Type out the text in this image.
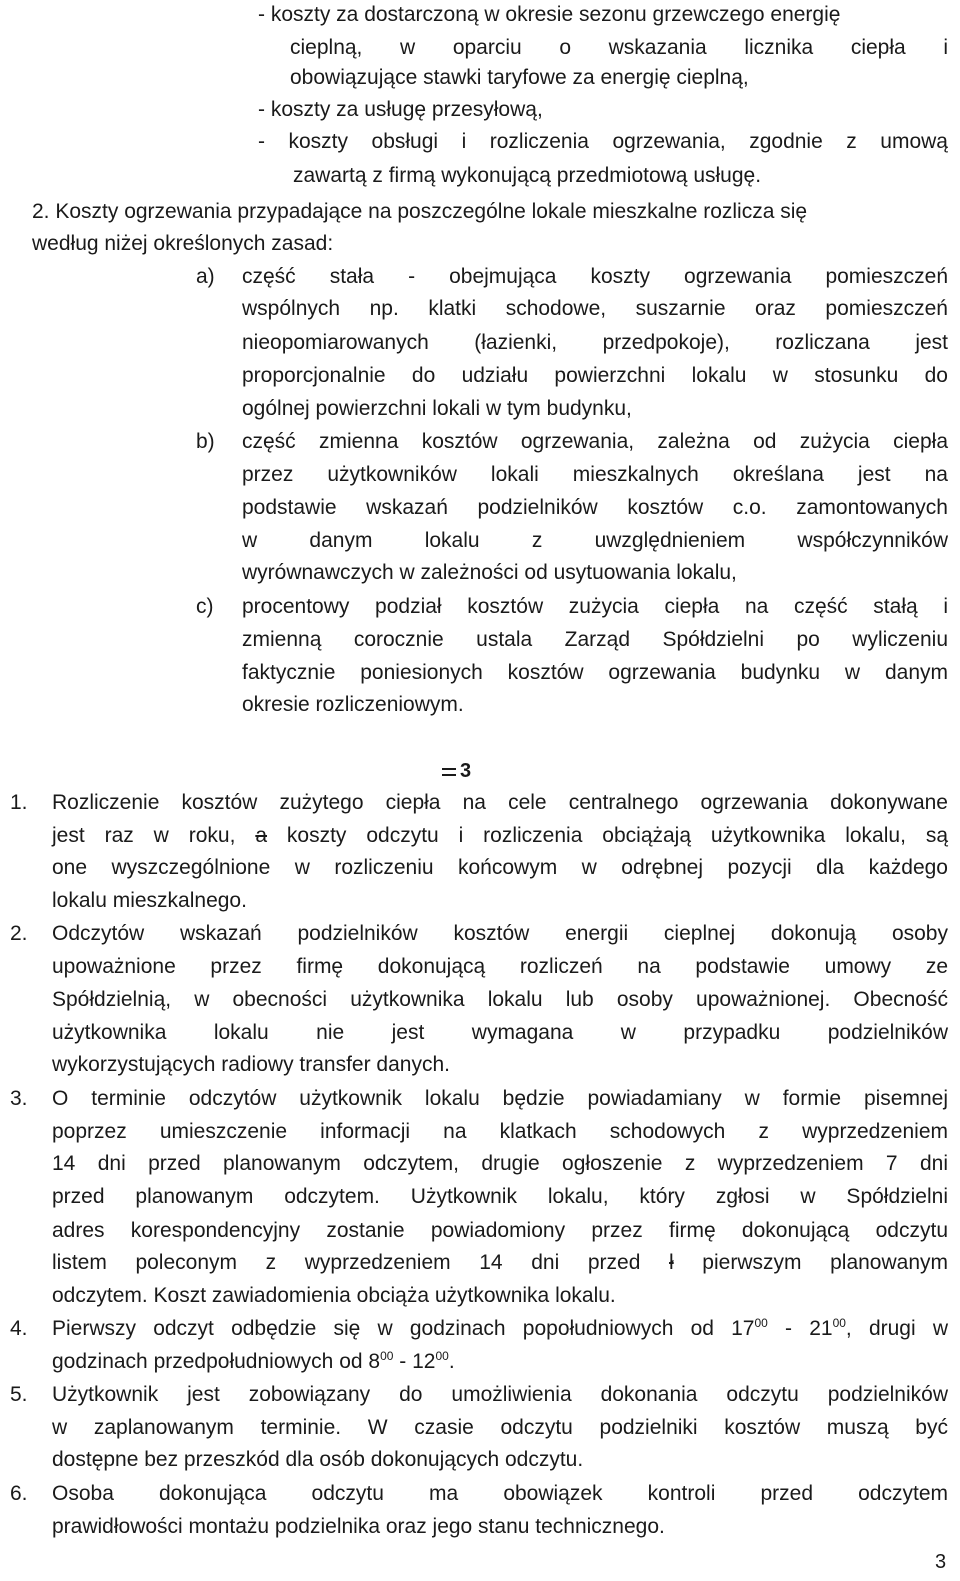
- koszty za dostarczoną w okresie sezonu grzewczego energię
cieplną, w oparciu o wskazania licznika ciepła i
obowiązujące stawki taryfowe za energię cieplną,
- koszty za usługę przesyłową,
- koszty obsługi i rozliczenia ogrzewania, zgodnie z umową
zawartą z firmą wykonującą przedmiotową usługę.
2. Koszty ogrzewania przypadające na poszczególne lokale mieszkalne rozlicza się
według niżej określonych zasad:
a) część stała - obejmująca koszty ogrzewania pomieszczeń
wspólnych np. klatki schodowe, suszarnie oraz pomieszczeń
nieopomiarowanych (łazienki, przedpokoje), rozliczana jest
proporcjonalnie do udziału powierzchni lokalu w stosunku do
ogólnej powierzchni lokali w tym budynku,
b) część zmienna kosztów ogrzewania, zależna od zużycia ciepła
przez użytkowników lokali mieszkalnych określana jest na
podstawie wskazań podzielników kosztów c.o. zamontowanych
w danym lokalu z uwzględnieniem współczynników
wyrównawczych w zależności od usytuowania lokalu,
c) procentowy podział kosztów zużycia ciepła na część stałą i
zmienną corocznie ustala Zarząd Spółdzielni po wyliczeniu
faktycznie poniesionych kosztów ogrzewania budynku w danym
okresie rozliczeniowym.
3
1. Rozliczenie kosztów zużytego ciepła na cele centralnego ogrzewania dokonywane
jest raz w roku, a koszty odczytu i rozliczenia obciążają użytkownika lokalu, są
one wyszczególnione w rozliczeniu końcowym w odrębnej pozycji dla każdego
lokalu mieszkalnego.
2. Odczytów wskazań podzielników kosztów energii cieplnej dokonują osoby
upoważnione przez firmę dokonującą rozliczeń na podstawie umowy ze
Spółdzielnią, w obecności użytkownika lokalu lub osoby upoważnionej. Obecność
użytkownika lokalu nie jest wymagana w przypadku podzielników
wykorzystujących radiowy transfer danych.
3. O terminie odczytów użytkownik lokalu będzie powiadamiany w formie pisemnej
poprzez umieszczenie informacji na klatkach schodowych z wyprzedzeniem
14 dni przed planowanym odczytem, drugie ogłoszenie z wyprzedzeniem 7 dni
przed planowanym odczytem. Użytkownik lokalu, który zgłosi w Spółdzielni
adres korespondencyjny zostanie powiadomiony przez firmę dokonującą odczytu
listem poleconym z wyprzedzeniem 14 dni przed ł pierwszym planowanym
odczytem. Koszt zawiadomienia obciąża użytkownika lokalu.
4. Pierwszy odczyt odbędzie się w godzinach popołudniowych od $17^{00} - 21^{00}$, drugi w
godzinach przedpołudniowych od $8^{00} - 12^{00}$.
5. Użytkownik jest zobowiązany do umożliwienia dokonania odczytu podzielników
w zaplanowanym terminie. W czasie odczytu podzielniki kosztów muszą być
dostępne bez przeszkód dla osób dokonujących odczytu.
6. Osoba dokonująca odczytu ma obowiązek kontroli przed odczytem
prawidłowości montażu podzielnika oraz jego stanu technicznego.
3
